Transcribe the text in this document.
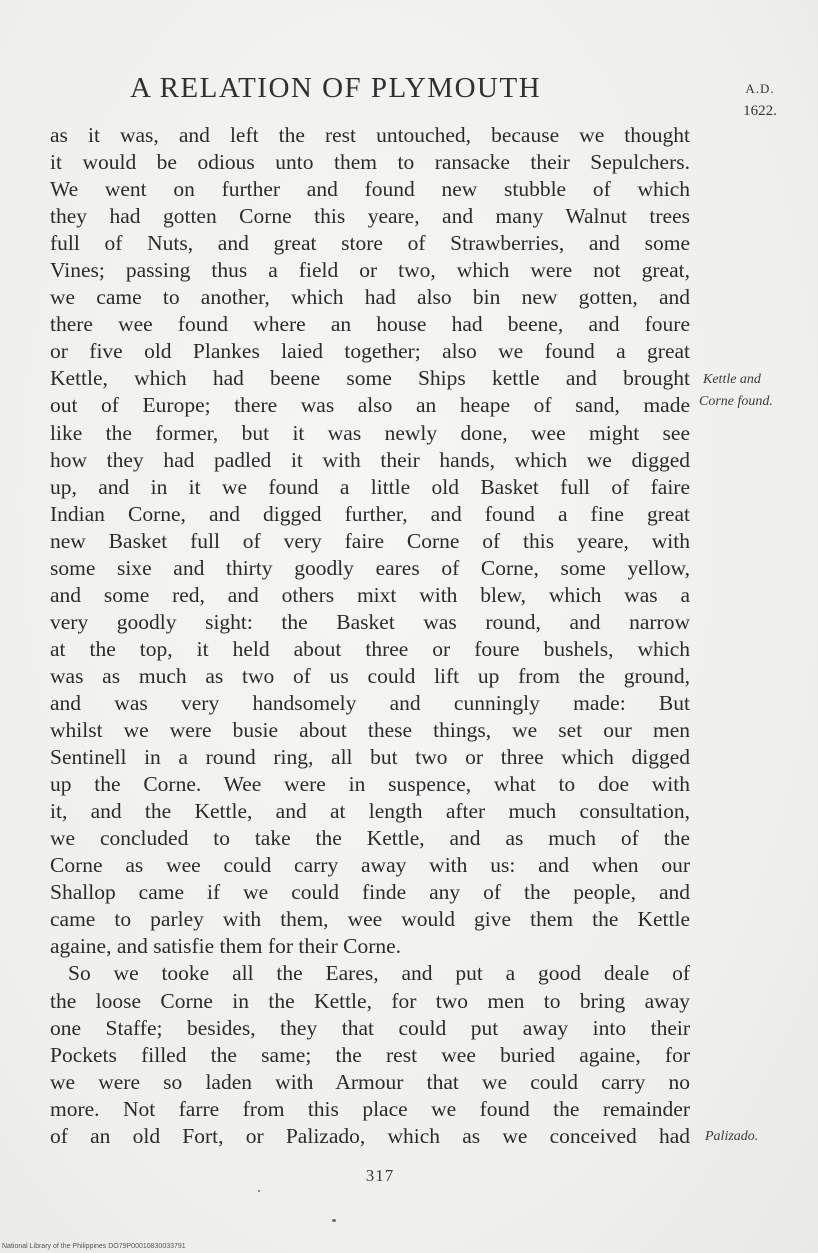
A RELATION OF PLYMOUTH	A.D.
1622.
as it was, and left the rest untouched, because we thought
it would be odious unto them to ransacke their Sepulchers.
We went on further and found new stubble of which
they had gotten Corne this yeare, and many Walnut trees
full of Nuts, and great store of Strawberries, and some
Vines; passing thus a field or two, which were not great,
we came to another, which had also bin new gotten, and
there wee found where an house had beene, and foure
or five old Plankes laied together; also we found a great
Kettle, which had beene some Ships kettle and brought
out of Europe; there was also an heape of sand, made
like the former, but it was newly done, wee might see
how they had padled it with their hands, which we digged
up, and in it we found a little old Basket full of faire
Indian Corne, and digged further, and found a fine great
new Basket full of very faire Corne of this yeare, with
some sixe and thirty goodly eares of Corne, some yellow,
and some red, and others mixt with blew, which was a
very goodly sight: the Basket was round, and narrow
at the top, it held about three or foure bushels, which
was as much as two of us could lift up from the ground,
and was very handsomely and cunningly made: But
whilst we were busie about these things, we set our men
Sentinell in a round ring, all but two or three which digged
up the Corne. Wee were in suspence, what to doe with
it, and the Kettle, and at length after much consultation,
we concluded to take the Kettle, and as much of the
Corne as wee could carry away with us: and when our
Shallop came if we could finde any of the people, and
came to parley with them, wee would give them the Kettle
againe, and satisfie them for their Corne.
So we tooke all the Eares, and put a good deale of
the loose Corne in the Kettle, for two men to bring away
one Staffe; besides, they that could put away into their
Pockets filled the same; the rest wee buried againe, for
we were so laden with Armour that we could carry no
more. Not farre from this place we found the remainder
of an old Fort, or Palizado, which as we conceived had
Kettle and
Corne found.
Palizado.
317
National Library of the Philippines DO79P00010830033791
